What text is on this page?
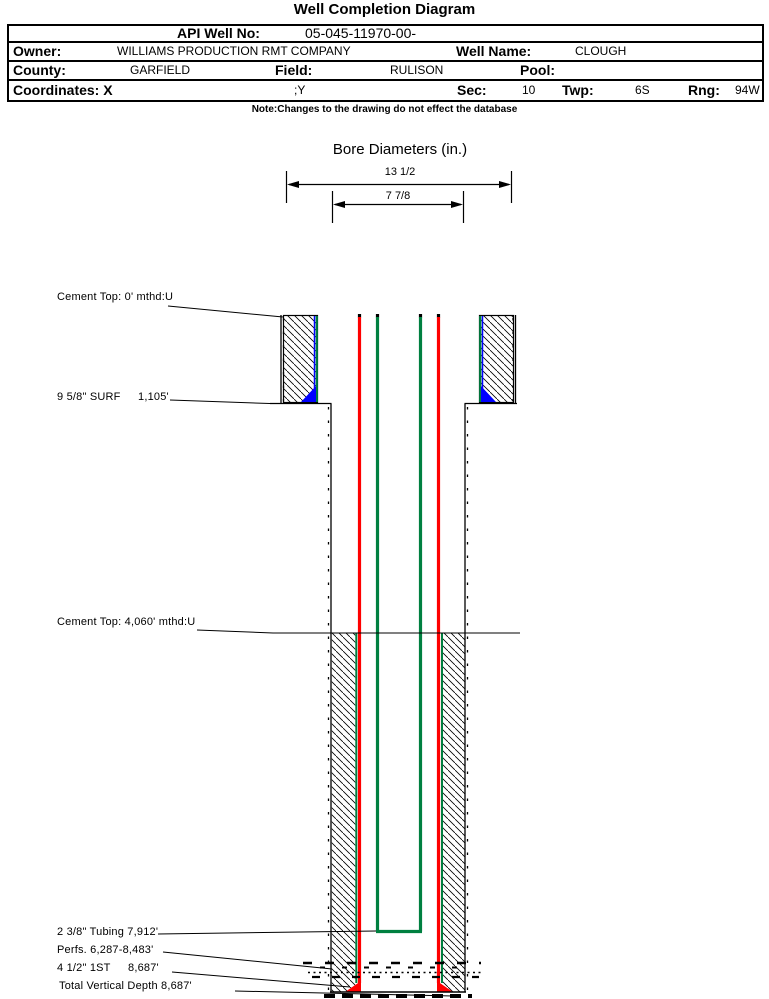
Well Completion Diagram
API Well No:	05-045-11970-00-
Owner:	WILLIAMS PRODUCTION RMT COMPANY	Well Name:	CLOUGH
County:	GARFIELD	Field:	RULISON	Pool:
Coordinates: X	;Y	Sec:	10 Twp:	6S	Rng: 94W
Note:Changes to the drawing do not effect the database
Bore Diameters (in.)
13 1/2
7 7/8
Cement Top: 0' mthd:U
9 5/8" SURF 1,105'
Cement Top: 4,060' mthd:U
2 3/8" Tubing 7,912'
Perfs. 6,287-8,483'
4 1/2" 1ST 8,687'
Total Vertical Depth 8,687'
